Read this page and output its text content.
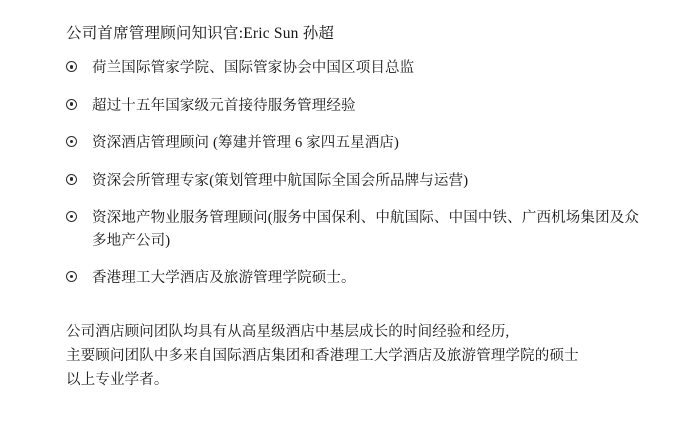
公司首席管理顾问知识官:Eric Sun 孙超

荷兰国际管家学院、国际管家协会中国区项目总监
超过十五年国家级元首接待服务管理经验
资深酒店管理顾问 (筹建并管理 6 家四五星酒店)
资深会所管理专家(策划管理中航国际全国会所品牌与运营)
资深地产物业服务管理顾问(服务中国保利、中航国际、中国中铁、广西机场集团及众多地产公司)
香港理工大学酒店及旅游管理学院硕士。

公司酒店顾问团队均具有从高星级酒店中基层成长的时间经验和经历,
主要顾问团队中多来自国际酒店集团和香港理工大学酒店及旅游管理学院的硕士
以上专业学者。
